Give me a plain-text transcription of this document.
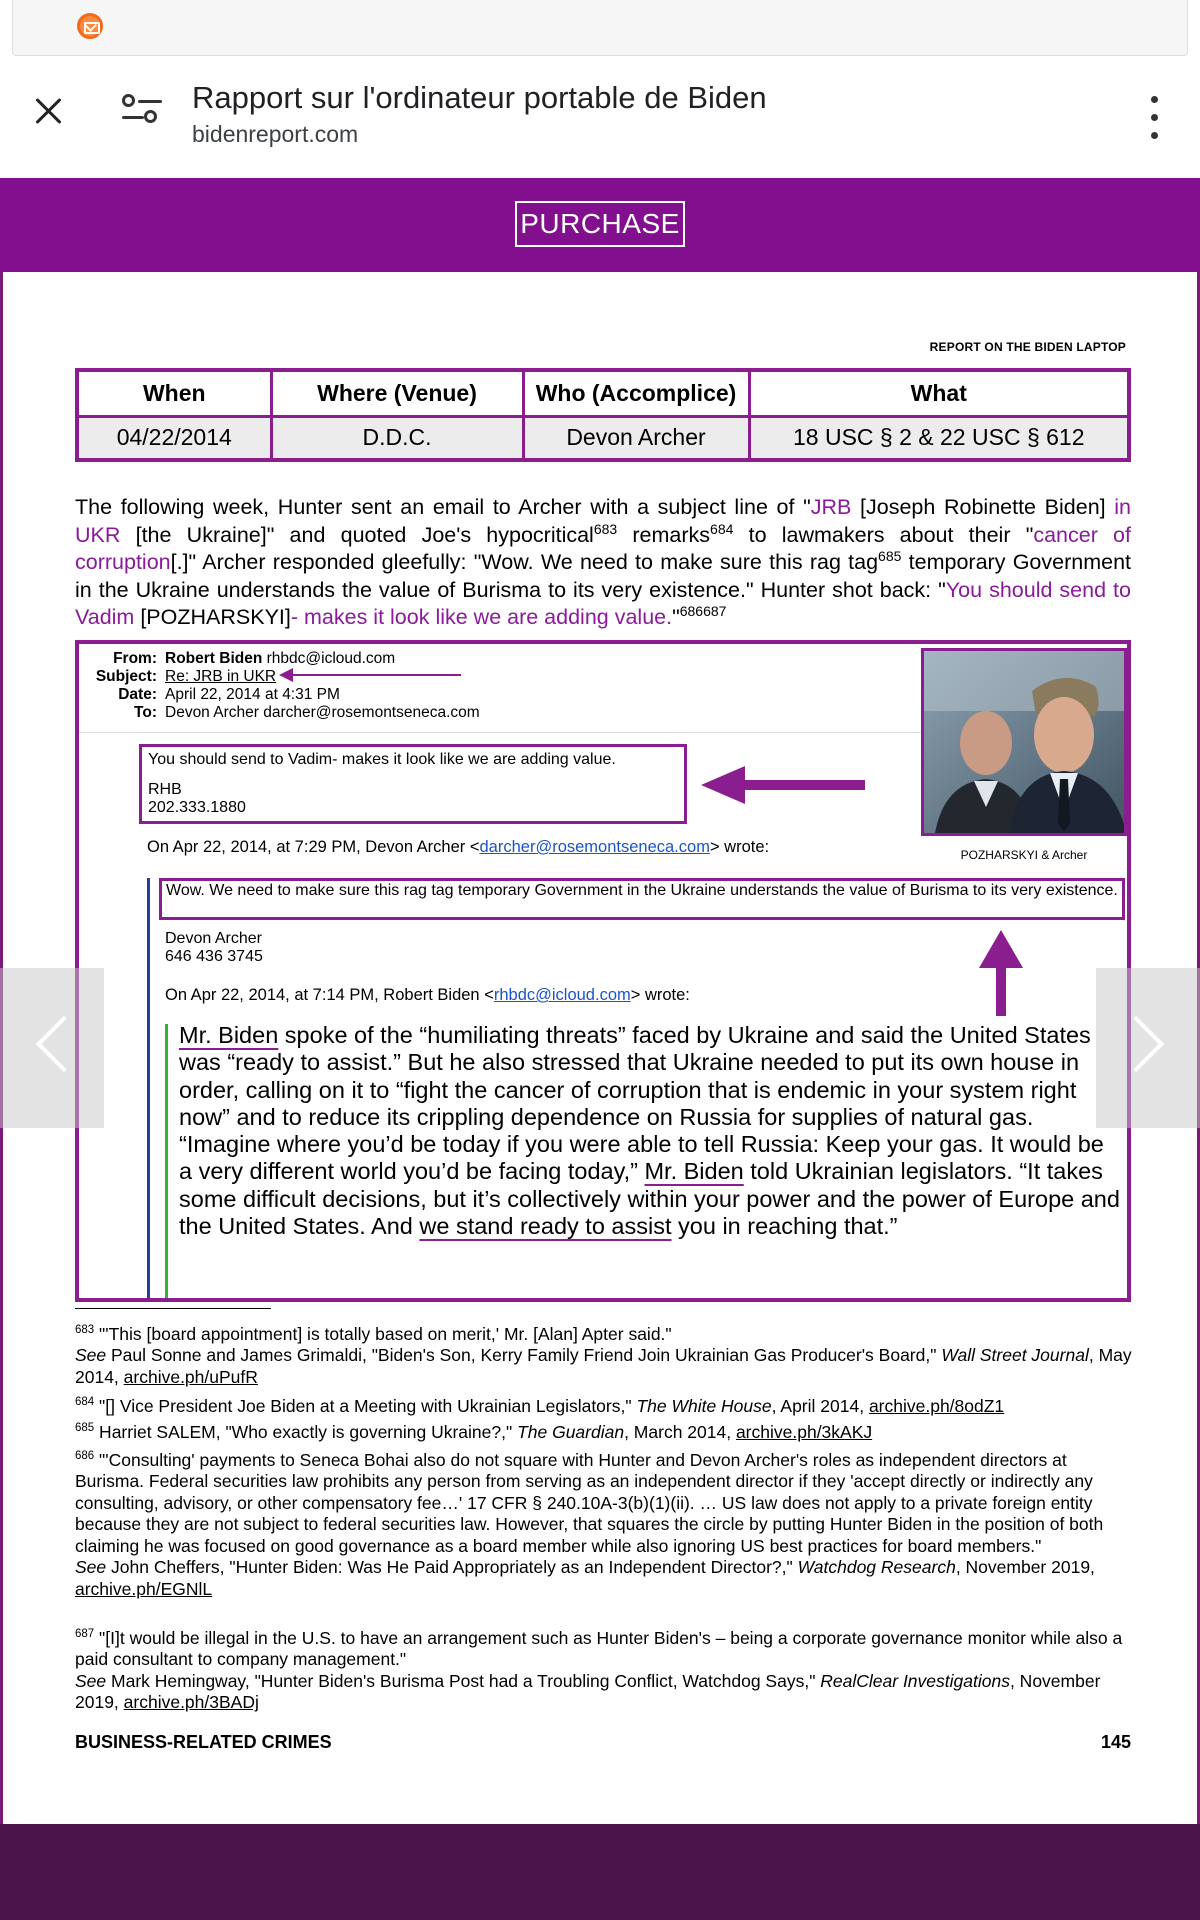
Rapport sur l'ordinateur portable de Biden
bidenreport.com
PURCHASE
REPORT ON THE BIDEN LAPTOP
When	Where (Venue)	Who (Accomplice)	What
04/22/2014	D.D.C.	Devon Archer	18 USC § 2 & 22 USC § 612
The following week, Hunter sent an email to Archer with a subject line of "JRB [Joseph Robinette Biden] in UKR [the Ukraine]" and quoted Joe's hypocritical$^{683}$ remarks$^{684}$ to lawmakers about their "cancer of corruption[.]" Archer responded gleefully: "Wow. We need to make sure this rag tag$^{685}$ temporary Government in the Ukraine understands the value of Burisma to its very existence." Hunter shot back: "You should send to Vadim [POZHARSKYI]- makes it look like we are adding value."$^{686687}$
From: Robert Biden
rhbdc@icloud.com
Subject: Re: JRB in UKR
Date: April 22, 2014 at 4:31 PM
To: Devon Archer darcher@rosemontseneca.com
You should send to Vadim- makes it look like we are adding value.
RHB
202.333.1880
POZHARSKYI & Archer
On Apr 22, 2014, at 7:29 PM, Devon Archer <darcher@rosemontseneca.com> wrote:
Wow. We need to make sure this rag tag temporary Government in the Ukraine understands the value of Burisma to its very existence.
Devon Archer
646 436 3745
On Apr 22, 2014, at 7:14 PM, Robert Biden <rhbdc@icloud.com> wrote:

Mr. Biden spoke of the “humiliating threats” faced by Ukraine and said the United States was “ready to assist.” But he also stressed that Ukraine needed to put its own house in order, calling on it to “fight the cancer of corruption that is endemic in your system right now” and to reduce its crippling dependence on Russia for supplies of natural gas.

“Imagine where you’d be today if you were able to tell Russia: Keep your gas. It would be a very different world you’d be facing today,” Mr. Biden told Ukrainian legislators. “It takes some difficult decisions, but it’s collectively within your power and the power of Europe and the United States. And we stand ready to assist you in reaching that.”

$^{683}$ "'This [board appointment] is totally based on merit,' Mr. [Alan] Apter said."
See Paul Sonne and James Grimaldi, "Biden's Son, Kerry Family Friend Join Ukrainian Gas Producer's Board," Wall Street Journal, May 2014, archive.ph/uPufR
$^{684}$ "[] Vice President Joe Biden at a Meeting with Ukrainian Legislators," The White House, April 2014, archive.ph/8odZ1
$^{685}$ Harriet SALEM, "Who exactly is governing Ukraine?," The Guardian, March 2014, archive.ph/3kAKJ
$^{686}$ "'Consulting' payments to Seneca Bohai also do not square with Hunter and Devon Archer's roles as independent directors at Burisma. Federal securities law prohibits any person from serving as an independent director if they 'accept directly or indirectly any consulting, advisory, or other compensatory fee…' 17 CFR § 240.10A-3(b)(1)(ii). … US law does not apply to a private foreign entity because they are not subject to federal securities law. However, that squares the circle by putting Hunter Biden in the position of both claiming he was focused on good governance as a board member while also ignoring US best practices for board members."
See John Cheffers, "Hunter Biden: Was He Paid Appropriately as an Independent Director?," Watchdog Research, November 2019, archive.ph/EGNlL
$^{687}$ "[I]t would be illegal in the U.S. to have an arrangement such as Hunter Biden's – being a corporate governance monitor while also a paid consultant to company management."
See Mark Hemingway, "Hunter Biden's Burisma Post had a Troubling Conflict, Watchdog Says," RealClear Investigations, November 2019, archive.ph/3BADj
BUSINESS-RELATED CRIMES	145
